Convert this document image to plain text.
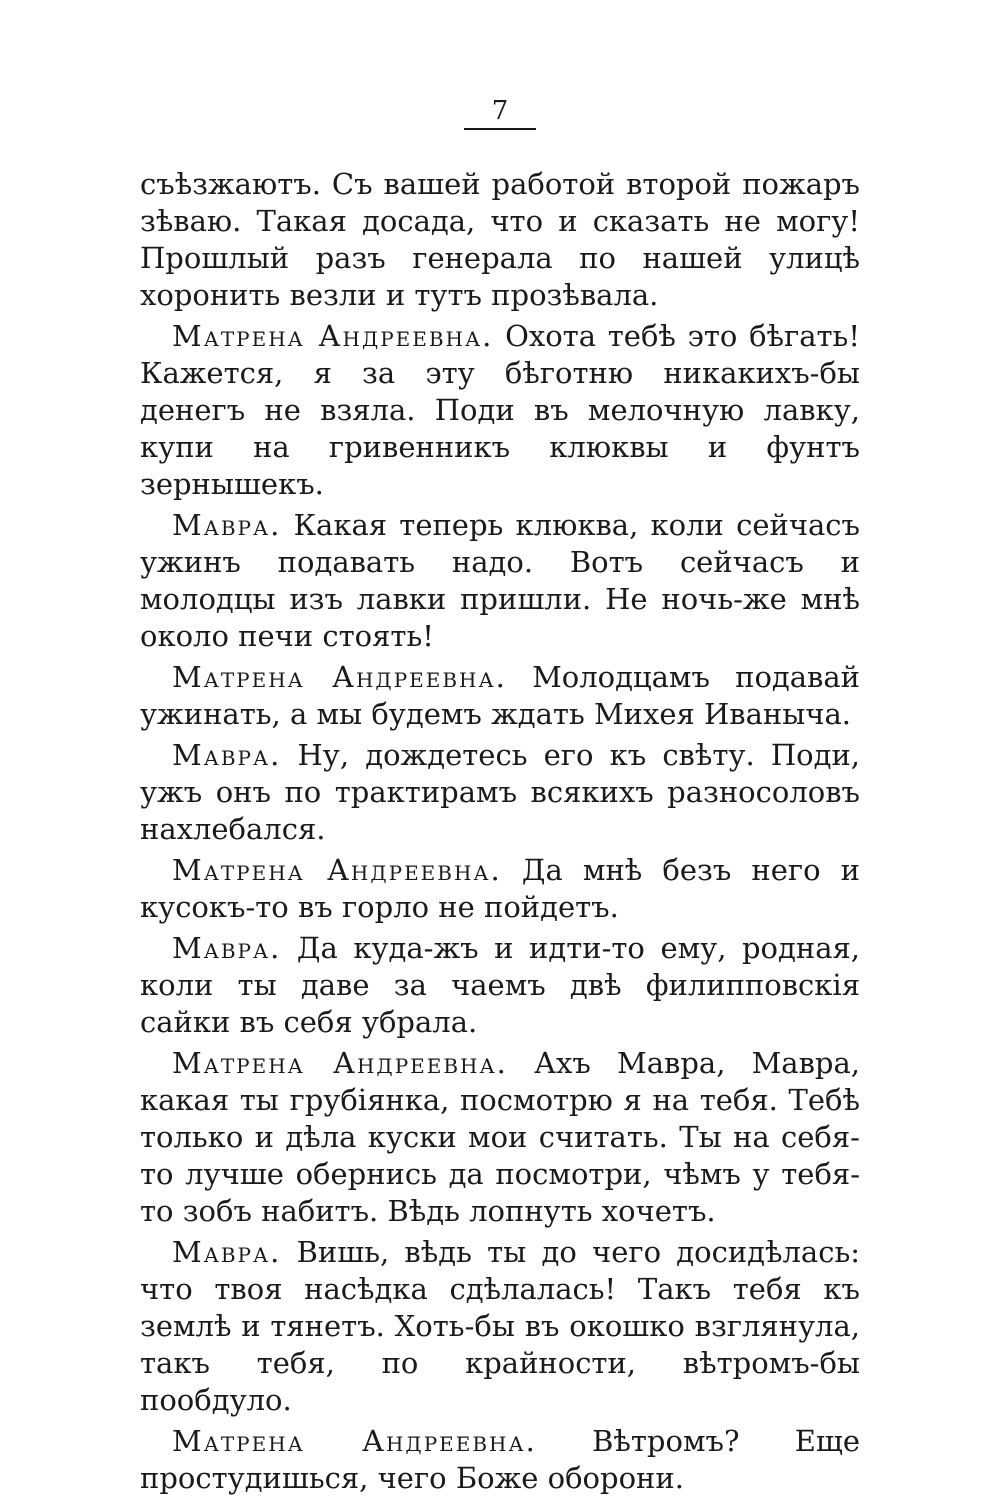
7

съѣзжаютъ. Съ вашей работой второй пожаръ зѣваю. Такая досада, что и сказать не могу! Прошлый разъ генерала по нашей улицѣ хоронить везли и тутъ прозѣвала.

Матрена Андреевна. Охота тебѣ это бѣгать! Кажется, я за эту бѣготню никакихъ-бы денегъ не взяла. Поди въ мелочную лавку, купи на гривенникъ клюквы и фунтъ зернышекъ.

Мавра. Какая теперь клюква, коли сейчасъ ужинъ подавать надо. Вотъ сейчасъ и молодцы изъ лавки пришли. Не ночь-же мнѣ около печи стоять!

Матрена Андреевна. Молодцамъ подавай ужинать, а мы будемъ ждать Михея Иваныча.

Мавра. Ну, дождетесь его къ свѣту. Поди, ужъ онъ по трактирамъ всякихъ разносоловъ нахлебался.

Матрена Андреевна. Да мнѣ безъ него и кусокъ-то въ горло не пойдетъ.

Мавра. Да куда-жъ и идти-то ему, родная, коли ты даве за чаемъ двѣ филипповскія сайки въ себя убрала.

Матрена Андреевна. Ахъ Мавра, Мавра, какая ты грубіянка, посмотрю я на тебя. Тебѣ только и дѣла куски мои считать. Ты на себя-то лучше обернись да посмотри, чѣмъ у тебя-то зобъ набитъ. Вѣдь лопнуть хочетъ.

Мавра. Вишь, вѣдь ты до чего досидѣлась: что твоя насѣдка сдѣлалась! Такъ тебя къ землѣ и тянетъ. Хоть-бы въ окошко взглянула, такъ тебя, по крайности, вѣтромъ-бы пообдуло.

Матрена Андреевна. Вѣтромъ? Еще простудишься, чего Боже оборони.
